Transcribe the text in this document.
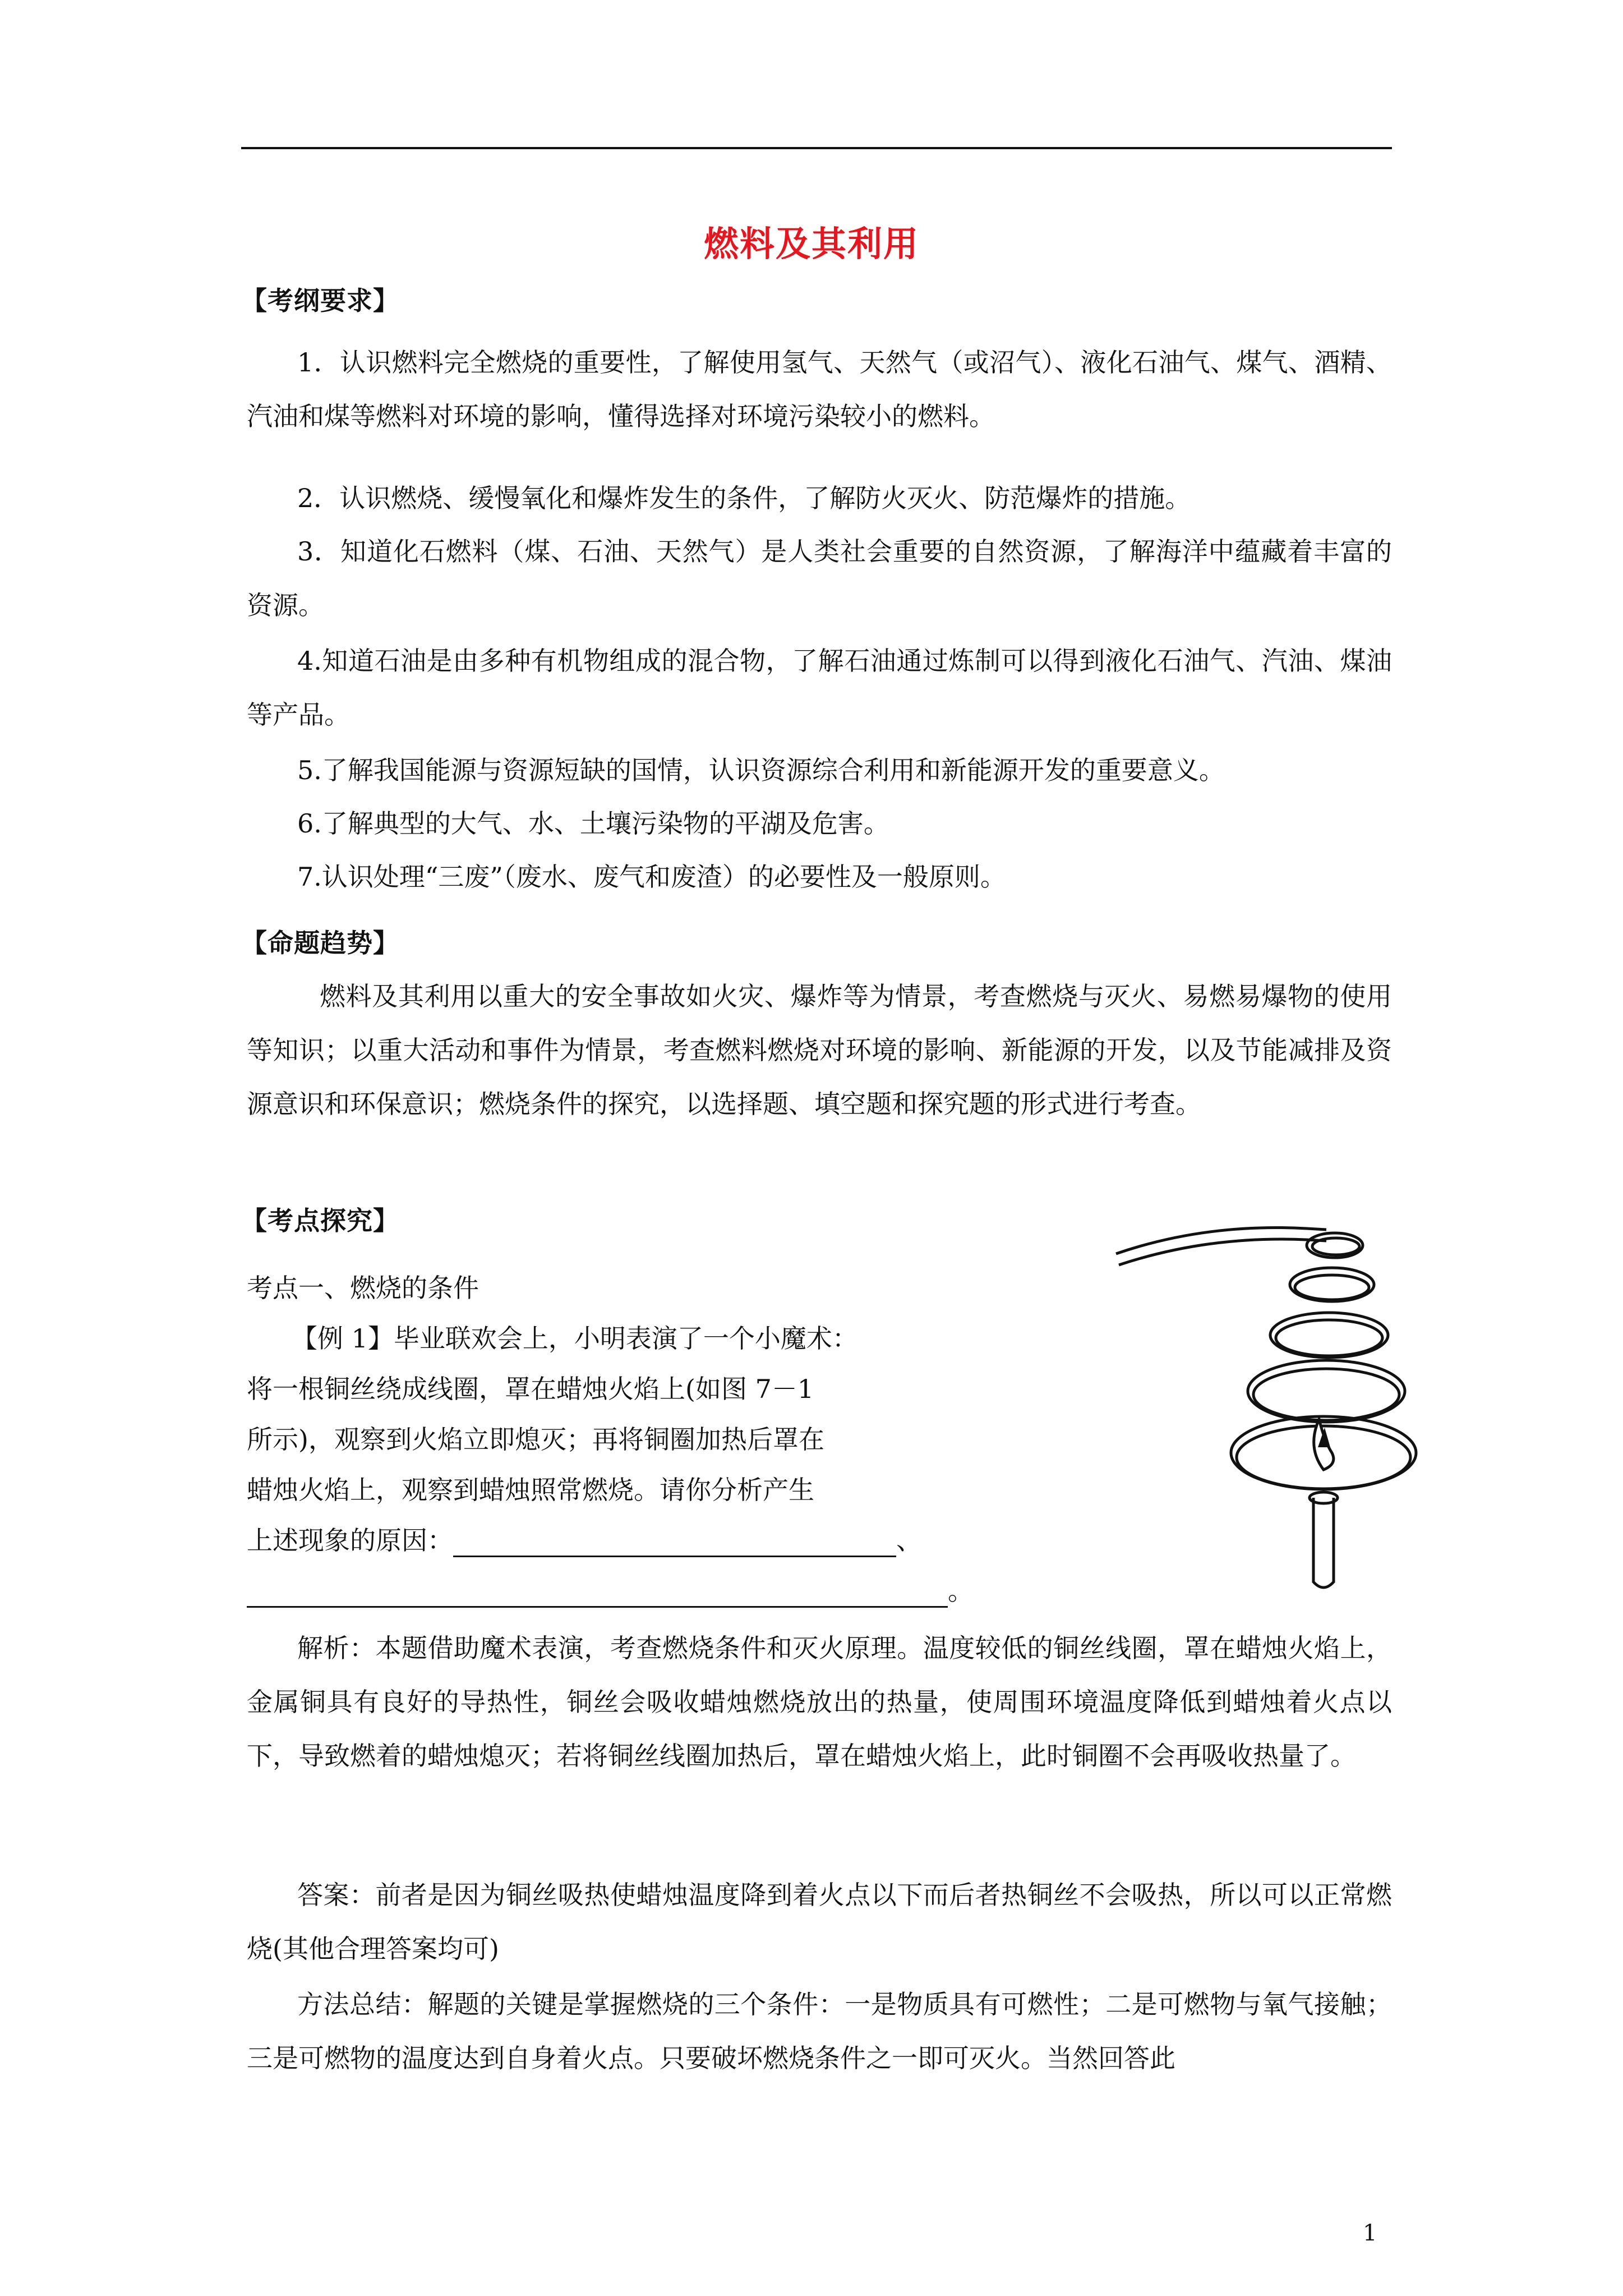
燃料及其利用
【考纲要求】
1．认识燃料完全燃烧的重要性，了解使用氢气、天然气（或沼气）、液化石油气、煤气、酒精、汽油和煤等燃料对环境的影响，懂得选择对环境污染较小的燃料。
2．认识燃烧、缓慢氧化和爆炸发生的条件，了解防火灭火、防范爆炸的措施。
3．知道化石燃料（煤、石油、天然气）是人类社会重要的自然资源，了解海洋中蕴藏着丰富的资源。
4.知道石油是由多种有机物组成的混合物，了解石油通过炼制可以得到液化石油气、汽油、煤油等产品。
5.了解我国能源与资源短缺的国情，认识资源综合利用和新能源开发的重要意义。
6.了解典型的大气、水、土壤污染物的平湖及危害。
7.认识处理“三废”（废水、废气和废渣）的必要性及一般原则。
【命题趋势】
燃料及其利用以重大的安全事故如火灾、爆炸等为情景，考查燃烧与灭火、易燃易爆物的使用等知识；以重大活动和事件为情景，考查燃料燃烧对环境的影响、新能源的开发，以及节能减排及资源意识和环保意识；燃烧条件的探究，以选择题、填空题和探究题的形式进行考查。
【考点探究】
考点一、燃烧的条件
【例 1】毕业联欢会上，小明表演了一个小魔术：
将一根铜丝绕成线圈，罩在蜡烛火焰上(如图 7－1
所示)，观察到火焰立即熄灭；再将铜圈加热后罩在
蜡烛火焰上，观察到蜡烛照常燃烧。请你分析产生
上述现象的原因：	、
。
解析：本题借助魔术表演，考查燃烧条件和灭火原理。温度较低的铜丝线圈，罩在蜡烛火焰上，金属铜具有良好的导热性，铜丝会吸收蜡烛燃烧放出的热量，使周围环境温度降低到蜡烛着火点以下，导致燃着的蜡烛熄灭；若将铜丝线圈加热后，罩在蜡烛火焰上，此时铜圈不会再吸收热量了。
答案：前者是因为铜丝吸热使蜡烛温度降到着火点以下而后者热铜丝不会吸热，所以可以正常燃烧(其他合理答案均可)
方法总结：解题的关键是掌握燃烧的三个条件：一是物质具有可燃性；二是可燃物与氧气接触；三是可燃物的温度达到自身着火点。只要破坏燃烧条件之一即可灭火。当然回答此
1
